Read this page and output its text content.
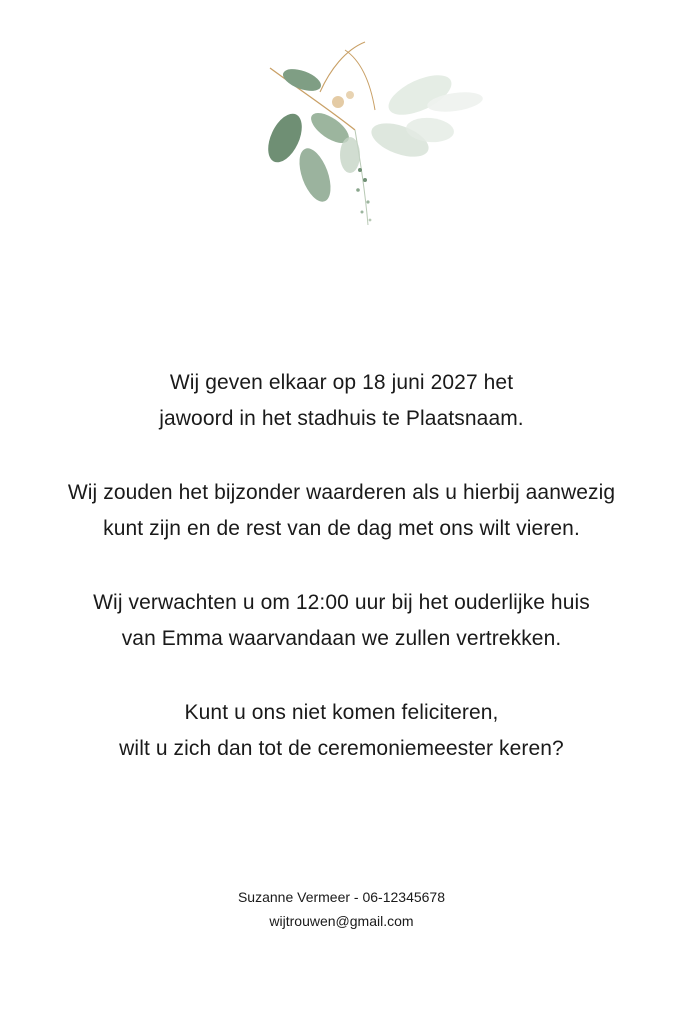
Wij geven elkaar op 18 juni 2027 het
jawoord in het stadhuis te Plaatsnaam.

Wij zouden het bijzonder waarderen als u hierbij aanwezig
kunt zijn en de rest van de dag met ons wilt vieren.

Wij verwachten u om 12:00 uur bij het ouderlijke huis
van Emma waarvandaan we zullen vertrekken.

Kunt u ons niet komen feliciteren,
wilt u zich dan tot de ceremoniemeester keren?

Suzanne Vermeer - 06-12345678
wijtrouwen@gmail.com
